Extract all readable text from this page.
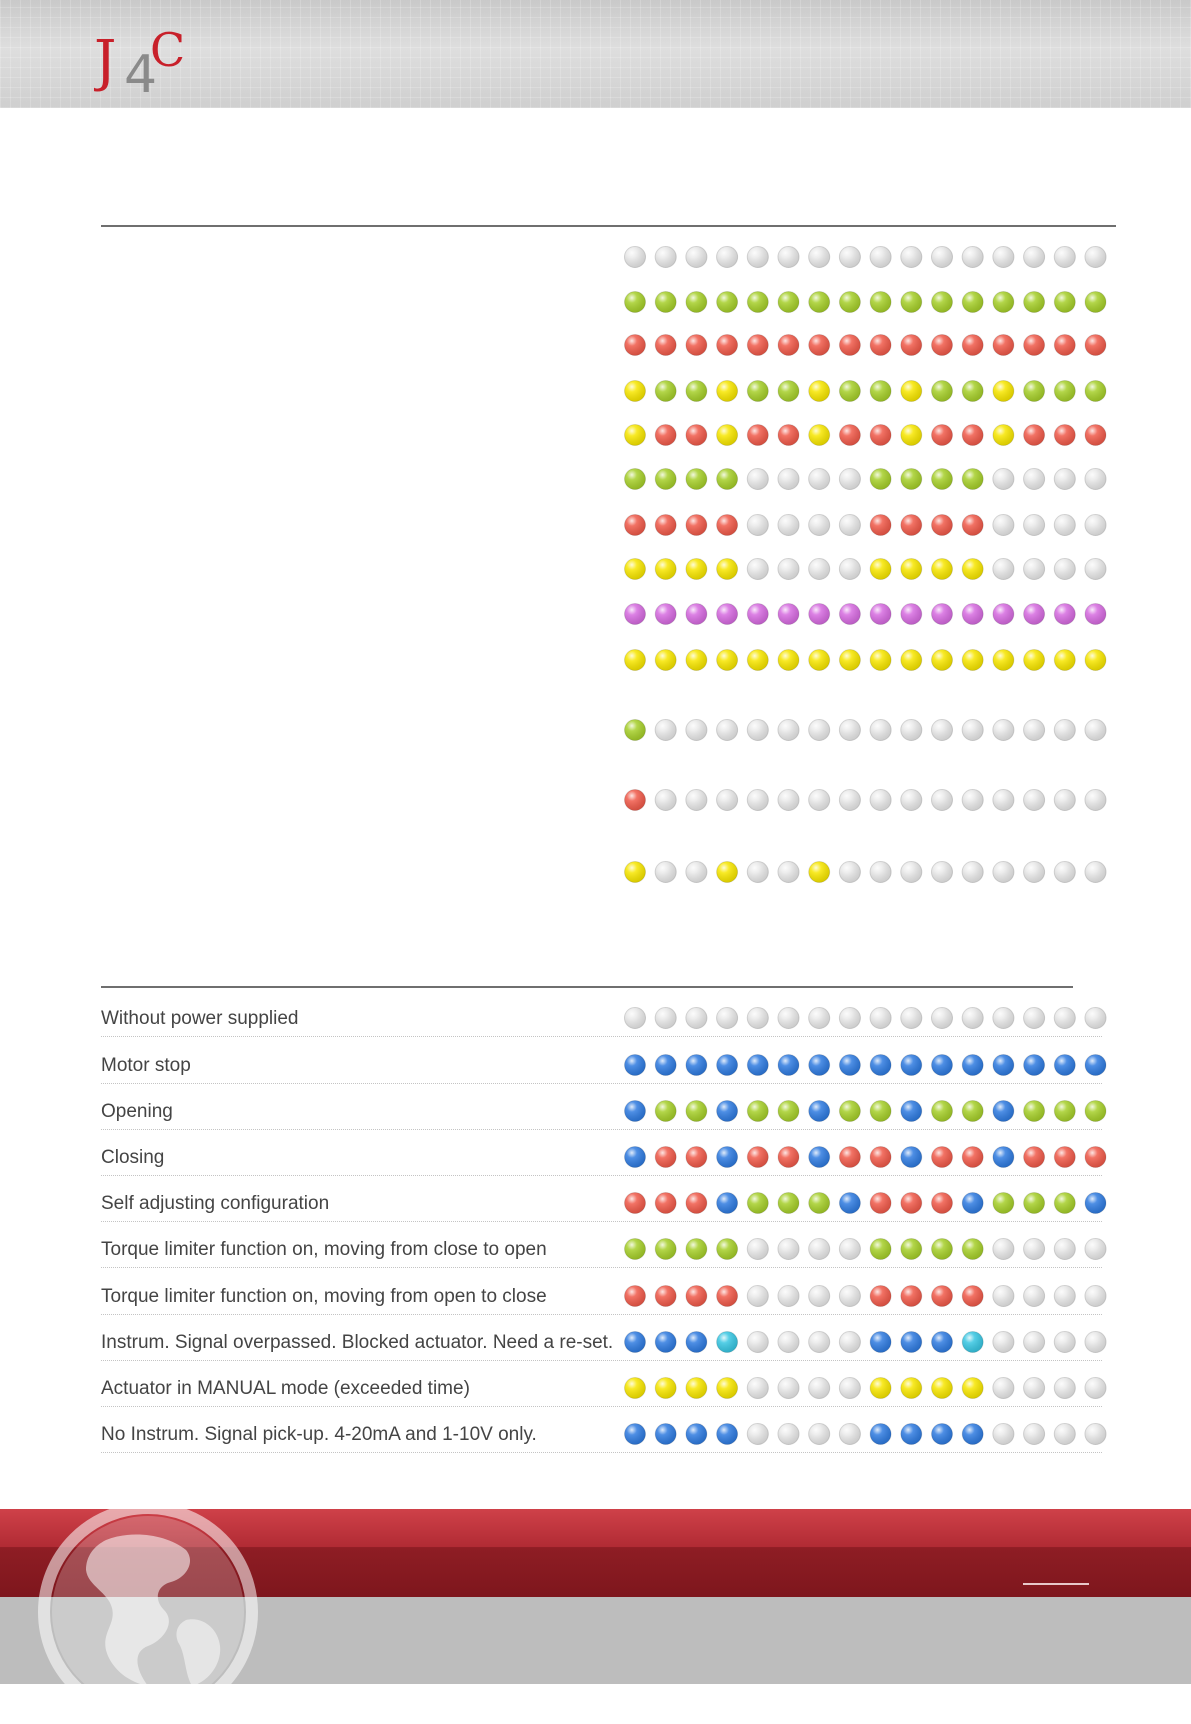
J 4
C
Without power supplied
Motor stop
Opening
Closing
Self adjusting configuration
Torque limiter function on, moving from close to open
Torque limiter function on, moving from open to close
Instrum. Signal overpassed. Blocked actuator. Need a re-set.
Actuator in MANUAL mode (exceeded time)
No Instrum. Signal pick-up. 4-20mA and 1-10V only.
